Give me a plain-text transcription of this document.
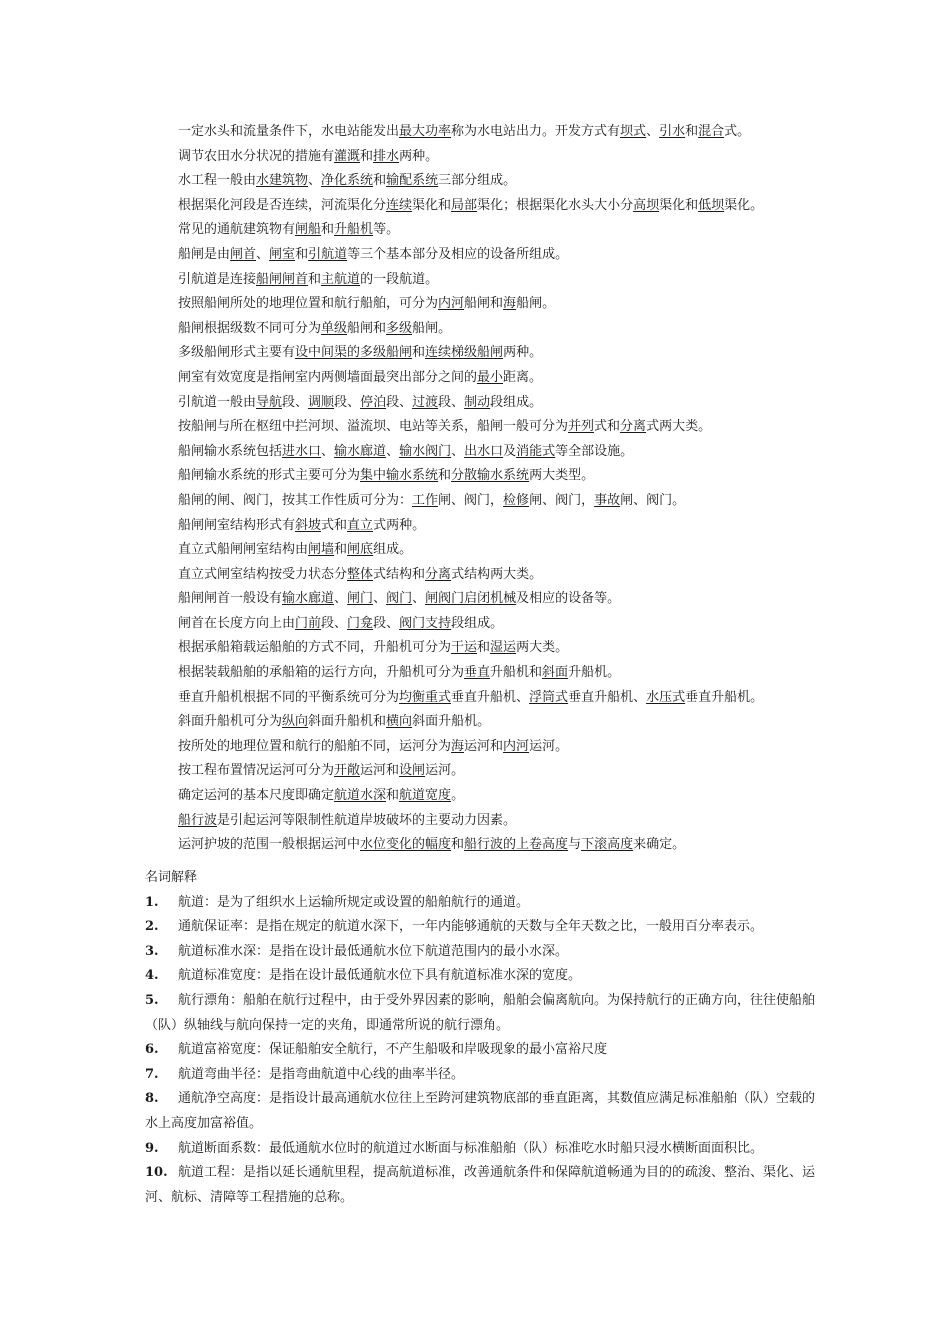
一定水头和流量条件下，水电站能发出最大功率称为水电站出力。开发方式有坝式、引水和混合式。
调节农田水分状况的措施有灌溉和排水两种。
水工程一般由水建筑物、净化系统和输配系统三部分组成。
根据渠化河段是否连续，河流渠化分连续渠化和局部渠化；根据渠化水头大小分高坝渠化和低坝渠化。
常见的通航建筑物有闸船和升船机等。
船闸是由闸首、闸室和引航道等三个基本部分及相应的设备所组成。
引航道是连接船闸闸首和主航道的一段航道。
按照船闸所处的地理位置和航行船舶，可分为内河船闸和海船闸。
船闸根据级数不同可分为单级船闸和多级船闸。
多级船闸形式主要有设中间渠的多级船闸和连续梯级船闸两种。
闸室有效宽度是指闸室内两侧墙面最突出部分之间的最小距离。
引航道一般由导航段、调顺段、停泊段、过渡段、制动段组成。
按船闸与所在枢纽中拦河坝、溢流坝、电站等关系，船闸一般可分为并列式和分离式两大类。
船闸输水系统包括进水口、输水廊道、输水阀门、出水口及消能式等全部设施。
船闸输水系统的形式主要可分为集中输水系统和分散输水系统两大类型。
船闸的闸、阀门，按其工作性质可分为：工作闸、阀门，检修闸、阀门，事故闸、阀门。
船闸闸室结构形式有斜坡式和直立式两种。
直立式船闸闸室结构由闸墙和闸底组成。
直立式闸室结构按受力状态分整体式结构和分离式结构两大类。
船闸闸首一般设有输水廊道、闸门、阀门、闸阀门启闭机械及相应的设备等。
闸首在长度方向上由门前段、门龛段、阀门支持段组成。
根据承船箱载运船舶的方式不同，升船机可分为干运和湿运两大类。
根据装载船舶的承船箱的运行方向，升船机可分为垂直升船机和斜面升船机。
垂直升船机根据不同的平衡系统可分为均衡重式垂直升船机、浮筒式垂直升船机、水压式垂直升船机。
斜面升船机可分为纵向斜面升船机和横向斜面升船机。
按所处的地理位置和航行的船舶不同，运河分为海运河和内河运河。
按工程布置情况运河可分为开敞运河和设闸运河。
确定运河的基本尺度即确定航道水深和航道宽度。
船行波是引起运河等限制性航道岸坡破坏的主要动力因素。
运河护坡的范围一般根据运河中水位变化的幅度和船行波的上卷高度与下滚高度来确定。
名词解释
1. 航道：是为了组织水上运输所规定或设置的船舶航行的通道。
2. 通航保证率：是指在规定的航道水深下，一年内能够通航的天数与全年天数之比，一般用百分率表示。
3. 航道标准水深：是指在设计最低通航水位下航道范围内的最小水深。
4. 航道标准宽度：是指在设计最低通航水位下具有航道标准水深的宽度。
5. 航行漂角：船舶在航行过程中，由于受外界因素的影响，船舶会偏离航向。为保持航行的正确方向，往往使船舶（队）纵轴线与航向保持一定的夹角，即通常所说的航行漂角。
6. 航道富裕宽度：保证船舶安全航行，不产生船吸和岸吸现象的最小富裕尺度
7. 航道弯曲半径：是指弯曲航道中心线的曲率半径。
8. 通航净空高度：是指设计最高通航水位往上至跨河建筑物底部的垂直距离，其数值应满足标准船舶（队）空载的水上高度加富裕值。
9. 航道断面系数：最低通航水位时的航道过水断面与标准船舶（队）标准吃水时船只浸水横断面面积比。
10. 航道工程：是指以延长通航里程，提高航道标准，改善通航条件和保障航道畅通为目的的疏浚、整治、渠化、运河、航标、清障等工程措施的总称。
